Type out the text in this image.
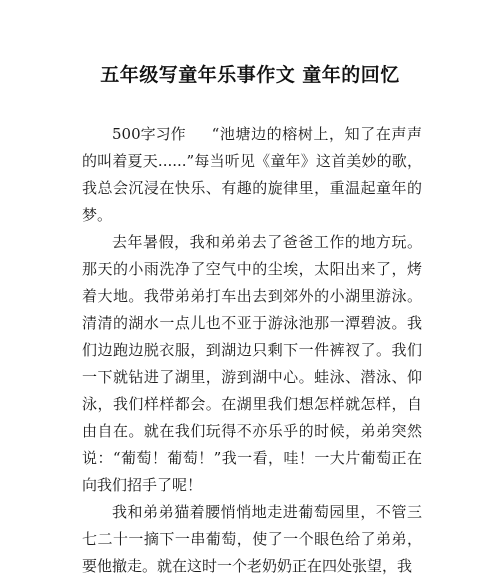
五年级写童年乐事作文 童年的回忆

500字习作 “池塘边的榕树上，知了在声声的叫着夏天......”每当听见《童年》这首美妙的歌，我总会沉浸在快乐、有趣的旋律里，重温起童年的梦。

去年暑假，我和弟弟去了爸爸工作的地方玩。那天的小雨洗净了空气中的尘埃，太阳出来了，烤着大地。我带弟弟打车出去到郊外的小湖里游泳。清清的湖水一点儿也不亚于游泳池那一潭碧波。我们边跑边脱衣服，到湖边只剩下一件裤衩了。我们一下就钻进了湖里，游到湖中心。蛙泳、潜泳、仰泳，我们样样都会。在湖里我们想怎样就怎样，自由自在。就在我们玩得不亦乐乎的时候，弟弟突然说：“葡萄！葡萄！”我一看，哇！一大片葡萄正在向我们招手了呢！

我和弟弟猫着腰悄悄地走进葡萄园里，不管三七二十一摘下一串葡萄，使了一个眼色给了弟弟，要他撤走。就在这时一个老奶奶正在四处张望，我
